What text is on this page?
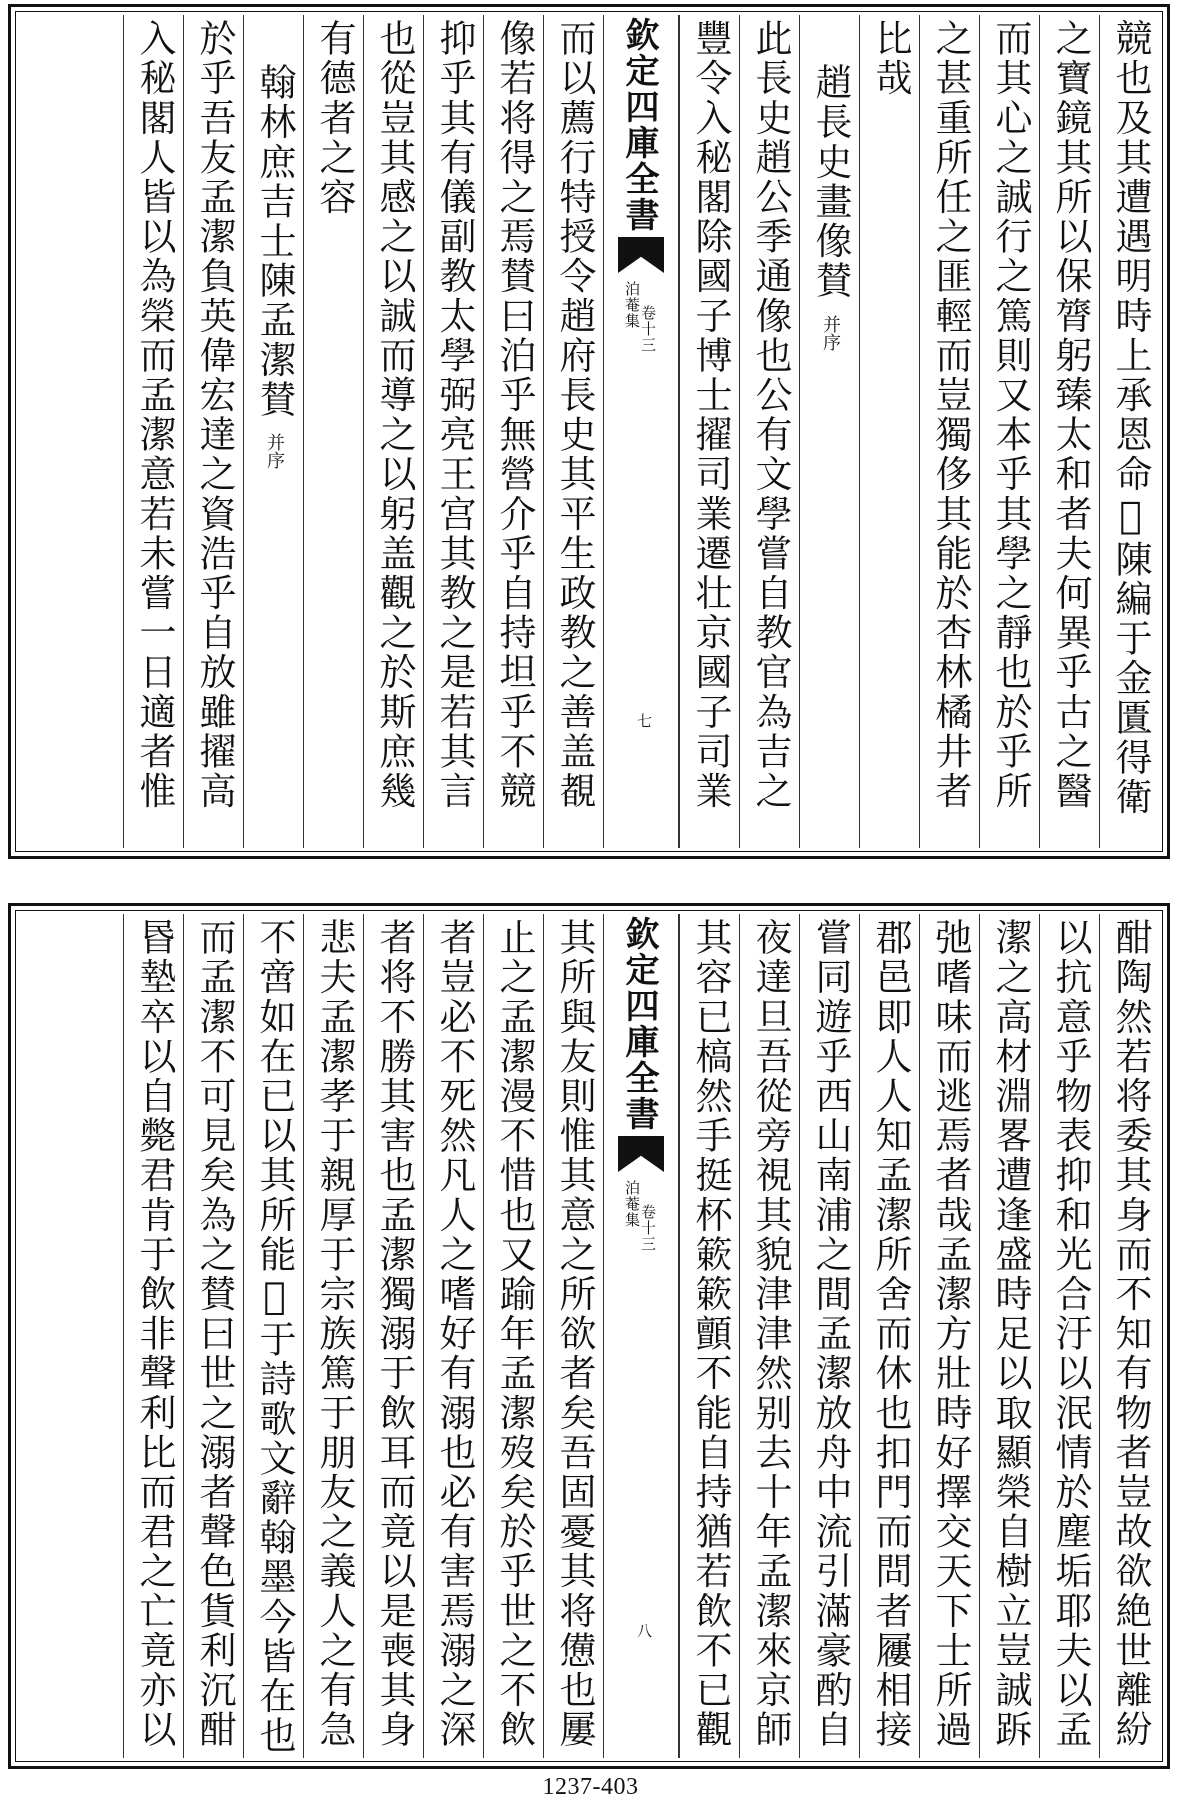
競也及其遭遇明時上承恩命𤼵陳編于金匱得衛
之寶鏡其所以保膂躬臻太和者夫何異乎古之醫
而其心之誠行之篤則又本乎其學之靜也於乎所
之甚重所任之匪輕而豈獨侈其能於杏林橘井者
比哉
趙長史畫像賛并序
此長史趙公季通像也公有文學嘗自教官為吉之
豐令入秘閣除國子博士擢司業遷壮京國子司業
欽定四庫全書
泊菴集
卷十三
七
而以薦行特授令趙府長史其平生政教之善盖覩
像若将得之焉賛曰泊乎無營介乎自持坦乎不競
抑乎其有儀副教太學弼亮王宫其教之是若其言
也從豈其感之以誠而導之以躬盖觀之於斯庶幾
有德者之容
翰林庶吉士陳孟潔賛并序
於乎吾友孟潔負英偉宏達之資浩乎自放雖擢高
入秘閣人皆以為榮而孟潔意若未嘗一日適者惟
酣陶然若将委其身而不知有物者豈故欲絶世離紛
以抗意乎物表抑和光合汙以泯情於塵垢耶夫以孟
潔之高材淵畧遭逢盛時足以取顯榮自樹立豈誠跅
弛嗜味而逃焉者哉孟潔方壯時好擇交天下士所過
郡邑即人人知孟潔所舍而休也扣門而問者屨相接
嘗同遊乎西山南浦之間孟潔放舟中流引滿豪酌自
夜達旦吾從旁視其貌津津然别去十年孟潔來京師
其容已槁然手挺杯簌簌顫不能自持猶若飲不已觀
欽定四庫全書
泊菴集
卷十三
八
其所與友則惟其意之所欲者矣吾固憂其将憊也屢
止之孟潔漫不惜也又踰年孟潔歿矣於乎世之不飲
者豈必不死然凡人之嗜好有溺也必有害焉溺之深
者将不勝其害也孟潔獨溺于飲耳而竟以是喪其身
悲夫孟潔孝于親厚于宗族篤于朋友之義人之有急
不啻如在已以其所能𤼵于詩歌文辭翰墨今皆在也
而孟潔不可見矣為之賛曰世之溺者聲色貨利沉酣
昬墊卒以自斃君肯于飲非聲利比而君之亡竟亦以
1237-403
